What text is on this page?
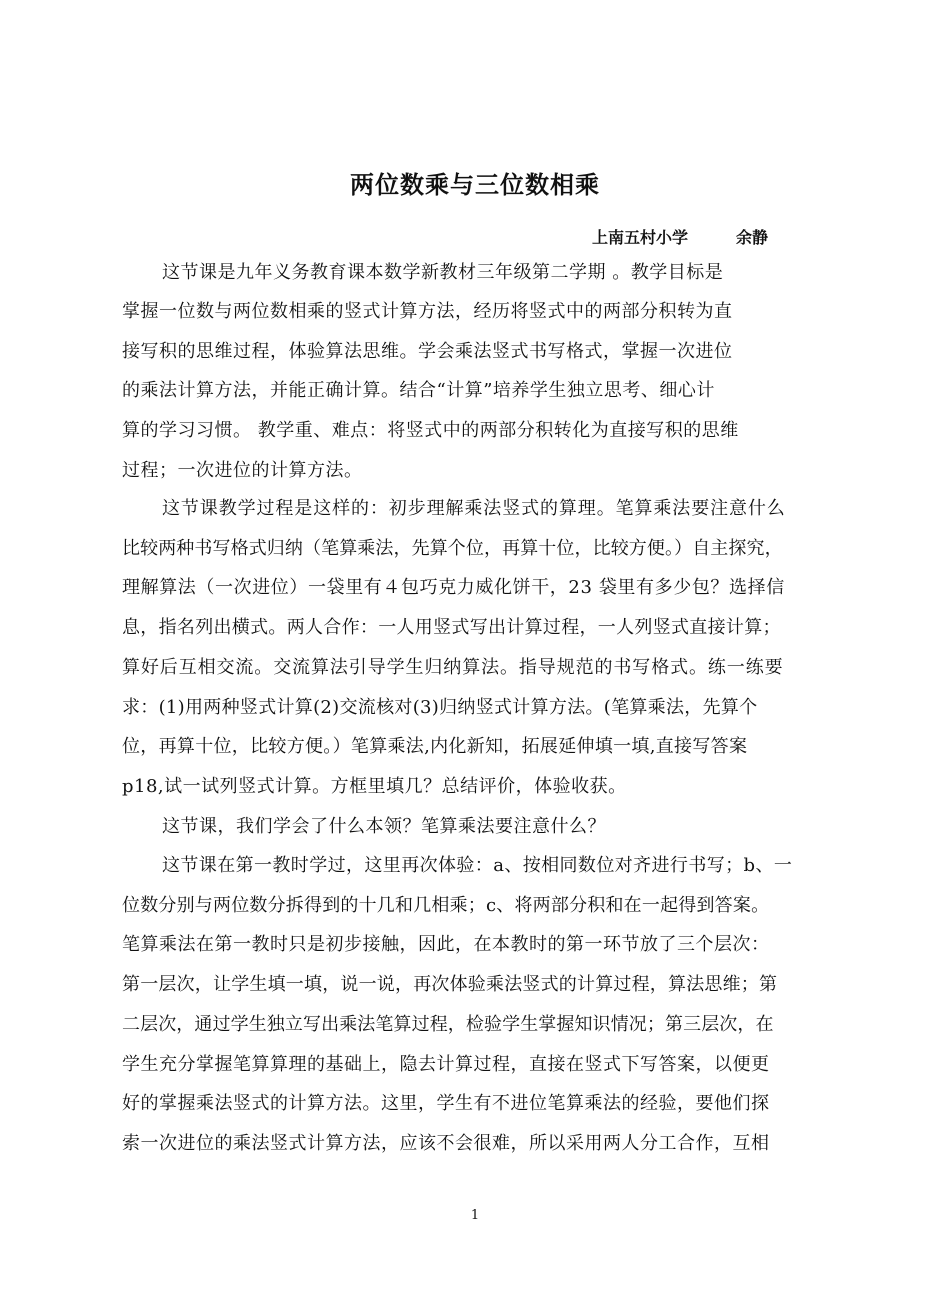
两位数乘与三位数相乘
上南五村小学	余静
这节课是九年义务教育课本数学新教材三年级第二学期 。教学目标是
掌握一位数与两位数相乘的竖式计算方法，经历将竖式中的两部分积转为直
接写积的思维过程，体验算法思维。学会乘法竖式书写格式，掌握一次进位
的乘法计算方法，并能正确计算。结合“计算”培养学生独立思考、细心计
算的学习习惯。 教学重、难点：将竖式中的两部分积转化为直接写积的思维
过程；一次进位的计算方法。
这节课教学过程是这样的：初步理解乘法竖式的算理。笔算乘法要注意什么
比较两种书写格式归纳（笔算乘法，先算个位，再算十位，比较方便。）自主探究，
理解算法（一次进位）一袋里有４包巧克力威化饼干，23 袋里有多少包？选择信
息，指名列出横式。两人合作：一人用竖式写出计算过程，一人列竖式直接计算；
算好后互相交流。交流算法引导学生归纳算法。指导规范的书写格式。练一练要
求：(1)用两种竖式计算(2)交流核对(3)归纳竖式计算方法。(笔算乘法，先算个
位，再算十位，比较方便。）笔算乘法,内化新知，拓展延伸填一填,直接写答案
p18,试一试列竖式计算。方框里填几？总结评价，体验收获。
这节课，我们学会了什么本领？笔算乘法要注意什么？
这节课在第一教时学过，这里再次体验：a、按相同数位对齐进行书写；b、一
位数分别与两位数分拆得到的十几和几相乘；c、将两部分积和在一起得到答案。
笔算乘法在第一教时只是初步接触，因此，在本教时的第一环节放了三个层次：
第一层次，让学生填一填，说一说，再次体验乘法竖式的计算过程，算法思维；第
二层次，通过学生独立写出乘法笔算过程，检验学生掌握知识情况；第三层次，在
学生充分掌握笔算算理的基础上，隐去计算过程，直接在竖式下写答案，以便更
好的掌握乘法竖式的计算方法。这里，学生有不进位笔算乘法的经验，要他们探
索一次进位的乘法竖式计算方法，应该不会很难，所以采用两人分工合作，互相
1
